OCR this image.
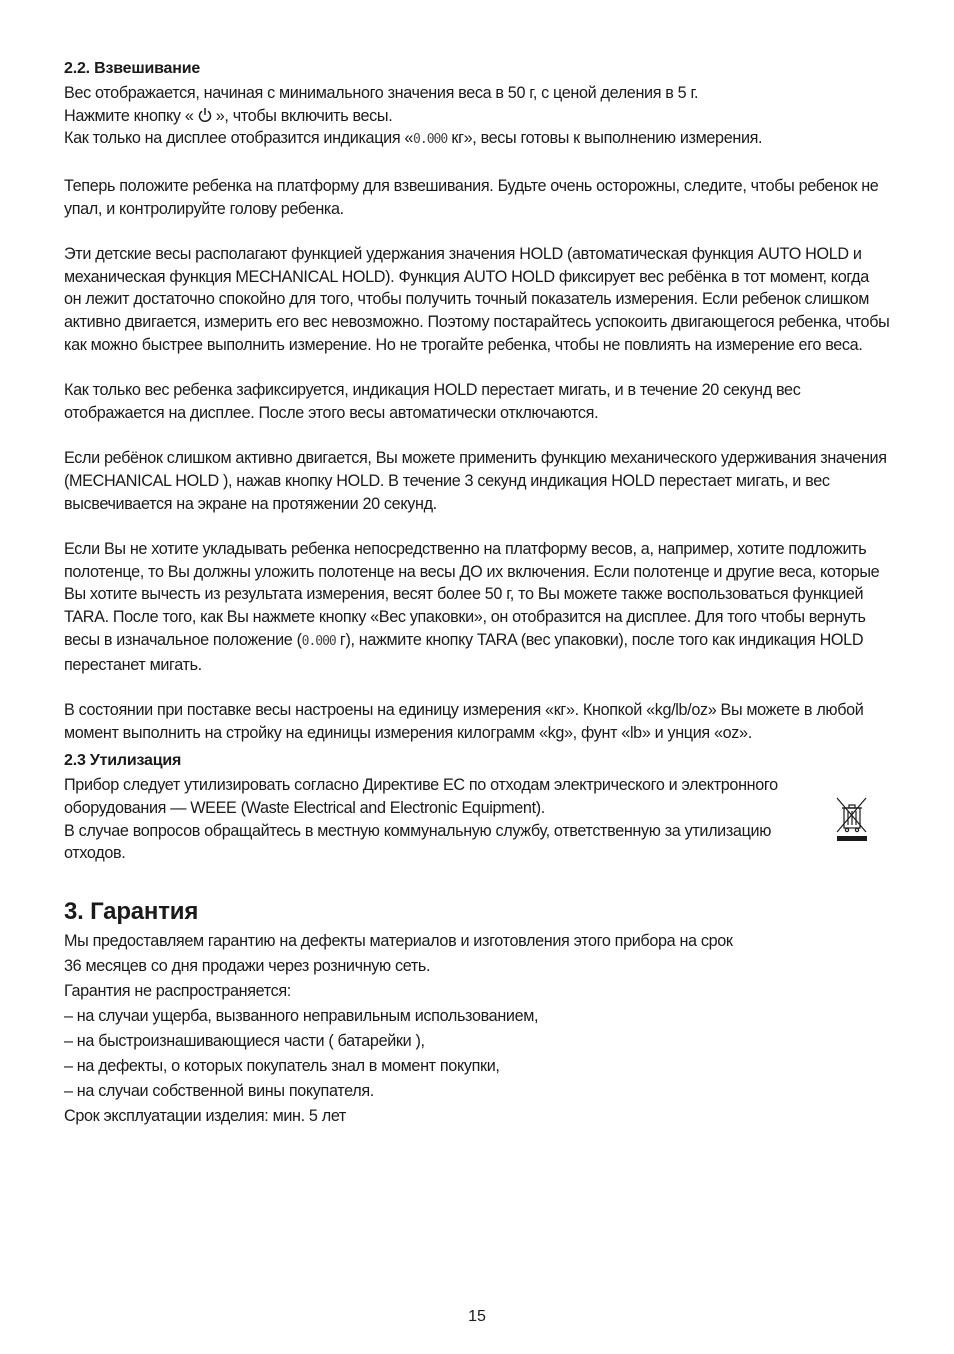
2.2. Взвешивание

Вес отображается, начиная с минимального значения веса в 50 г, с ценой деления в 5 г.
Нажмите кнопку «  », чтобы включить весы.
Как только на дисплее отобразится индикация «0.000 кг», весы готовы к выполнению измерения.

Теперь положите ребенка на платформу для взвешивания. Будьте очень осторожны, следите, чтобы ребенок не упал, и контролируйте голову ребенка.

Эти детские весы располагают функцией удержания значения HOLD (автоматическая функция AUTO HOLD и механическая функция MECHANICAL HOLD). Функция AUTO HOLD фиксирует вес ребёнка в тот момент, когда он лежит достаточно спокойно для того, чтобы получить точный показатель измерения. Если ребенок слишком активно двигается, измерить его вес невозможно. Поэтому постарайтесь успокоить двигающегося ребенка, чтобы как можно быстрее выполнить измерение. Но не трогайте ребенка, чтобы не повлиять на измерение его веса.

Как только вес ребенка зафиксируется, индикация HOLD перестает мигать, и в течение 20 секунд вес отображается на дисплее. После этого весы автоматически отключаются.

Если ребёнок слишком активно двигается, Вы можете применить функцию механического удерживания значения (MECHANICAL HOLD ), нажав кнопку HOLD. В течение 3 секунд индикация HOLD перестает мигать, и вес высвечивается на экране на протяжении 20 секунд.

Если Вы не хотите укладывать ребенка непосредственно на платформу весов, а, например, хотите подложить полотенце, то Вы должны уложить полотенце на весы ДО их включения. Если полотенце и другие веса, которые Вы хотите вычесть из результата измерения, весят более 50 г, то Вы можете также воспользоваться функцией TARA. После того, как Вы нажмете кнопку «Вес упаковки», он отобразится на дисплее. Для того чтобы вернуть весы в изначальное положение (0.000 г), нажмите кнопку TARA (вес упаковки), после того как индикация HOLD перестанет мигать.

В состоянии при поставке весы настроены на единицу измерения «кг». Кнопкой «kg/lb/oz» Вы можете в любой момент выполнить на стройку на единицы измерения килограмм «kg», фунт «lb» и унция «oz».

2.3 Утилизация

Прибор следует утилизировать согласно Директиве ЕС по отходам электрического и электронного оборудования — WEEE (Waste Electrical and Electronic Equipment).

В случае вопросов обращайтесь в местную коммунальную службу, ответственную за утилизацию отходов.

3. Гарантия

Мы предоставляем гарантию на дефекты материалов и изготовления этого прибора на срок

36 месяцев со дня продажи через розничную сеть.

Гарантия не распространяется:

– на случаи ущерба, вызванного неправильным использованием,

– на быстроизнашивающиеся части ( батарейки ),

– на дефекты, о которых покупатель знал в момент покупки,

– на случаи собственной вины покупателя.

Срок эксплуатации изделия: мин. 5 лет

15
